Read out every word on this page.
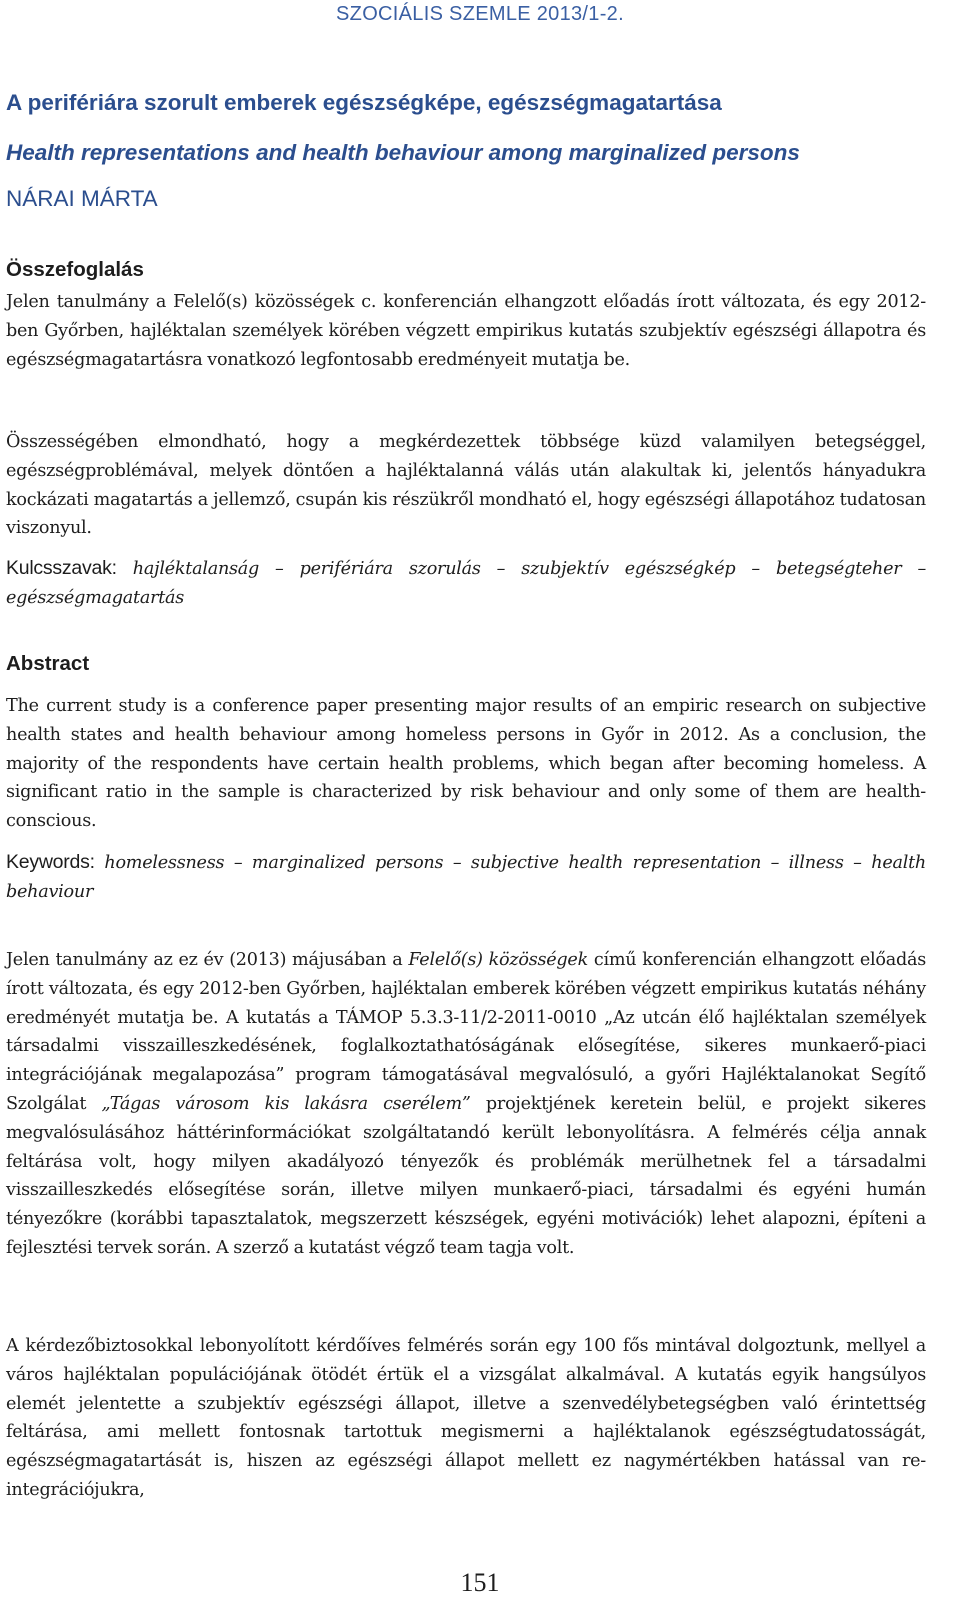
SZOCIÁLIS SZEMLE 2013/1-2.
A perifériára szorult emberek egészségképe, egészségmagatartása
Health representations and health behaviour among marginalized persons
NÁRAI MÁRTA
Összefoglalás

Jelen tanulmány a Felelő(s) közösségek c. konferencián elhangzott előadás írott változata, és egy 2012-ben Győrben, hajléktalan személyek körében végzett empirikus kutatás szubjektív egészségi állapotra és egészségmagatartásra vonatkozó legfontosabb eredményeit mutatja be.

Összességében elmondható, hogy a megkérdezettek többsége küzd valamilyen betegséggel, egészségproblémával, melyek döntően a hajléktalanná válás után alakultak ki, jelentős hányadukra kockázati magatartás a jellemző, csupán kis részükről mondható el, hogy egészségi állapotához tudatosan viszonyul.

Kulcsszavak: hajléktalanság – perifériára szorulás – szubjektív egészségkép – betegségteher – egészségmagatartás

Abstract

The current study is a conference paper presenting major results of an empiric research on subjective health states and health behaviour among homeless persons in Győr in 2012. As a conclusion, the majority of the respondents have certain health problems, which began after becoming homeless. A significant ratio in the sample is characterized by risk behaviour and only some of them are health-conscious.

Keywords: homelessness – marginalized persons – subjective health representation – illness – health behaviour

Jelen tanulmány az ez év (2013) májusában a Felelő(s) közösségek című konferencián elhangzott előadás írott változata, és egy 2012-ben Győrben, hajléktalan emberek körében végzett empirikus kutatás néhány eredményét mutatja be. A kutatás a TÁMOP 5.3.3-11/2-2011-0010 „Az utcán élő hajléktalan személyek társadalmi visszailleszkedésének, foglalkoztathatóságának elősegítése, sikeres munkaerő-piaci integrációjának megalapozása” program támogatásával megvalósuló, a győri Hajléktalanokat Segítő Szolgálat „Tágas városom kis lakásra cserélem” projektjének keretein belül, e projekt sikeres megvalósulásához háttérinformációkat szolgáltatandó került lebonyolításra. A felmérés célja annak feltárása volt, hogy milyen akadályozó tényezők és problémák merülhetnek fel a társadalmi visszailleszkedés elősegítése során, illetve milyen munkaerő-piaci, társadalmi és egyéni humán tényezőkre (korábbi tapasztalatok, megszerzett készségek, egyéni motivációk) lehet alapozni, építeni a fejlesztési tervek során. A szerző a kutatást végző team tagja volt.

A kérdezőbiztosokkal lebonyolított kérdőíves felmérés során egy 100 fős mintával dolgoztunk, mellyel a város hajléktalan populációjának ötödét értük el a vizsgálat alkalmával. A kutatás egyik hangsúlyos elemét jelentette a szubjektív egészségi állapot, illetve a szenvedélybetegségben való érintettség feltárása, ami mellett fontosnak tartottuk megismerni a hajléktalanok egészségtudatosságát, egészségmagatartását is, hiszen az egészségi állapot mellett ez nagymértékben hatással van re-integrációjukra,

151
